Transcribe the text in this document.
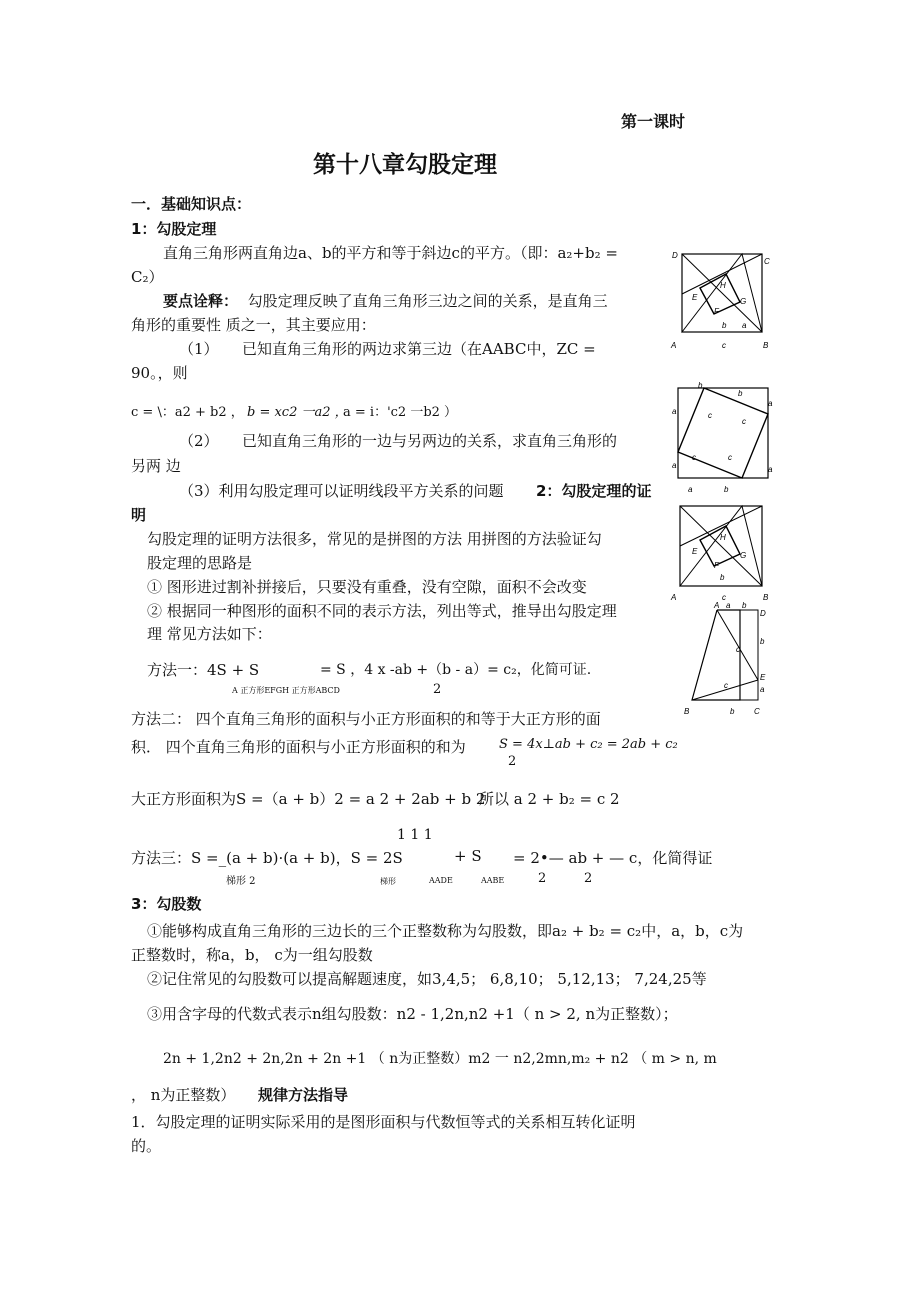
第一课时
第十八章勾股定理
一．基础知识点：
1：勾股定理
直角三角形两直角边a、b的平方和等于斜边c的平方。（即：a₂+b₂ =
C₂）
要点诠释： 勾股定理反映了直角三角形三边之间的关系，是直角三
角形的重要性 质之一，其主要应用：
（1） 已知直角三角形的两边求第三边（在AABC中，ZC =
90。，则
c = \：a2 + b2 ， b = xc2 一a2 ，
a = i：'c2 一b2 ）
（2） 已知直角三角形的一边与另两边的关系，求直角三角形的
另两 边
（3）利用勾股定理可以证明线段平方关系的问题 2：勾股定理的证
明
勾股定理的证明方法很多，常见的是拼图的方法 用拼图的方法验证勾
股定理的思路是
① 图形进过割补拼接后，只要没有重叠，没有空隙，面积不会改变
② 根据同一种图形的面积不同的表示方法，列出等式，推导出勾股定理
理 常见方法如下：
方法一：4S + S	= S ，4 x -ab +（b - a）= c₂，化简可证.
A 正方形EFGH 正方形ABCD	2
方法二： 四个直角三角形的面积与小正方形面积的和等于大正方形的面
积． 四个直角三角形的面积与小正方形面积的和为	S = 4x⊥ab + c₂ = 2ab + c₂
2
大正方形面积为S =（a + b）2 = a 2 + 2ab + b 2
所以 a 2 + b₂ = c 2
1 1 1
方法三：S =_(a + b)·(a + b)，S = 2S	+ S = 2•— ab + — c，化简得证
梯形 2	梯形	AADE	AABE	2	2
3：勾股数
①能够构成直角三角形的三边长的三个正整数称为勾股数，即a₂ + b₂ = c₂中，a，b，c为
正整数时，称a，b， c为一组勾股数
②记住常见的勾股数可以提高解题速度，如3,4,5； 6,8,10； 5,12,13； 7,24,25等
③用含字母的代数式表示n组勾股数：n2 - 1,2n,n2 +1（ n > 2, n为正整数）；
2n + 1,2n2 + 2n,2n + 2n +1 （ n为正整数）m2 一 n2,2mn,m₂ + n2 （ m > n, m
， n为正整数） 规律方法指导
1．勾股定理的证明实际采用的是图形面积与代数恒等式的关系相互转化证明
的。
D
C
H
E	G
F
b a
A	c	B
b
a	c
c
b
a
c
a
c
a
a	b
H
E	G
F
b
A	c	B
A a b
D
c
b
E
c	a
B	b C
